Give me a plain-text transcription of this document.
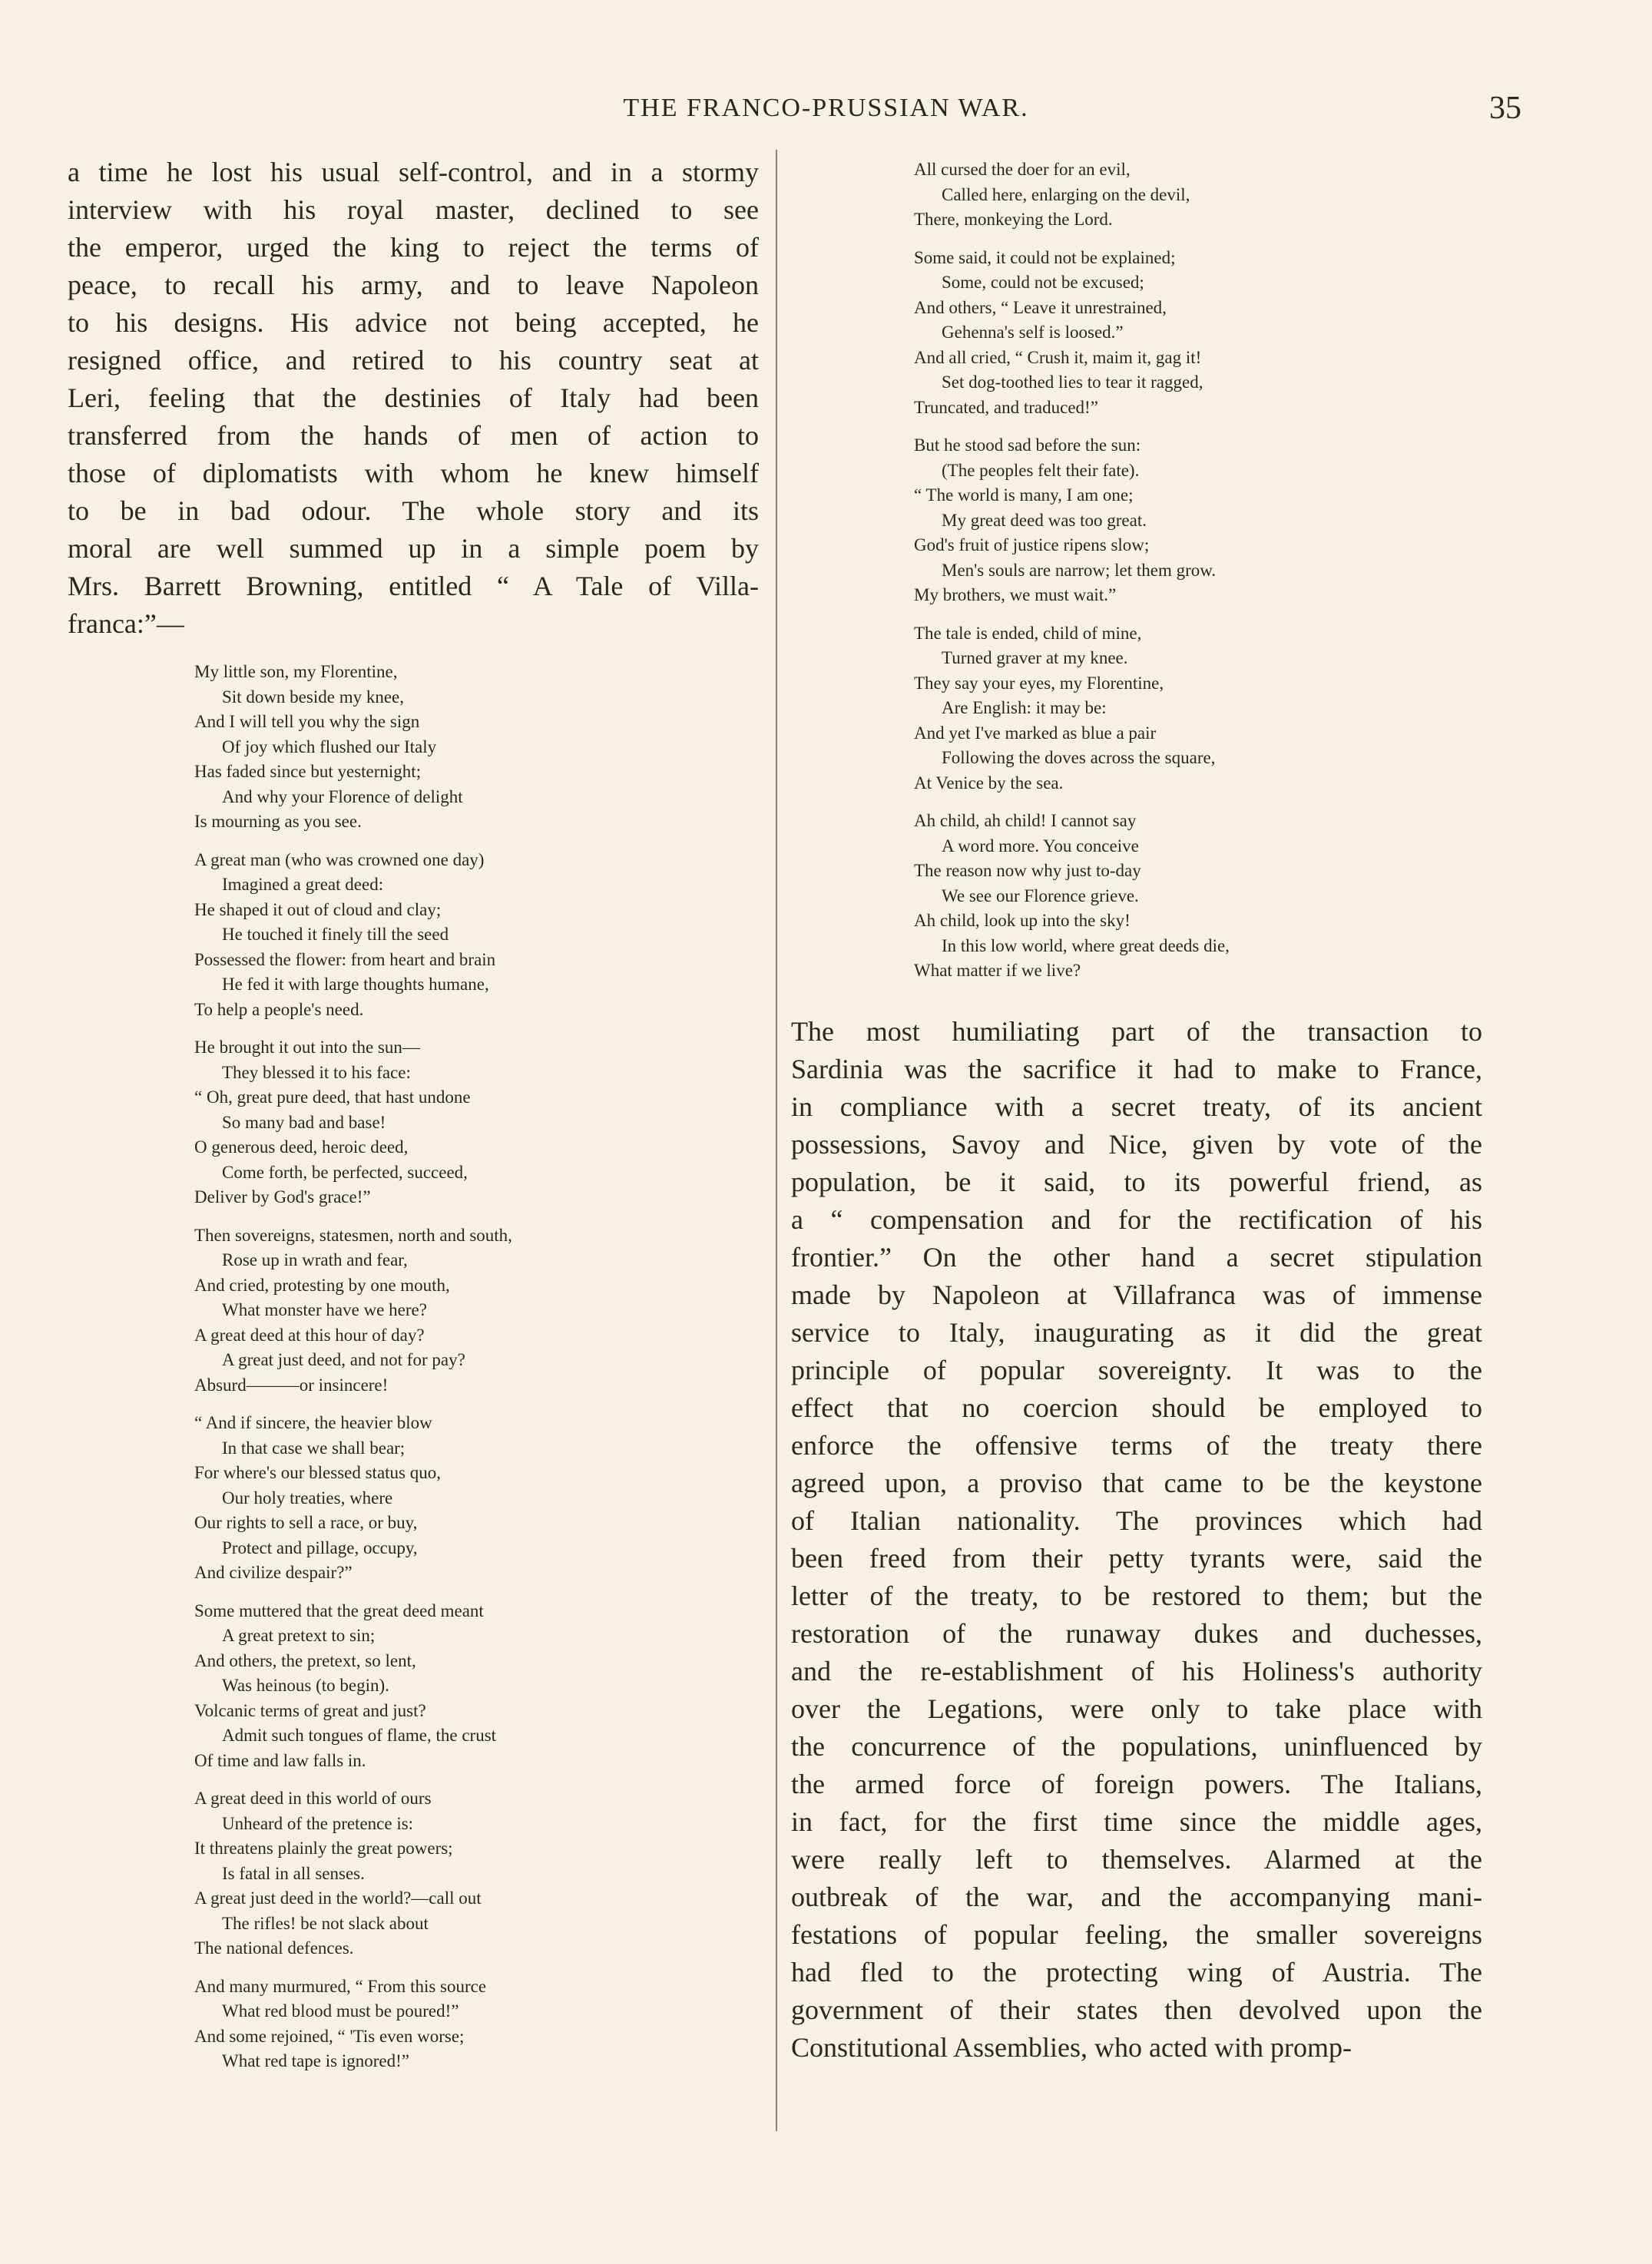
THE FRANCO-PRUSSIAN WAR.	35
a time he lost his usual self-control, and in a stormy
interview with his royal master, declined to see
the emperor, urged the king to reject the terms of
peace, to recall his army, and to leave Napoleon
to his designs. His advice not being accepted, he
resigned office, and retired to his country seat at
Leri, feeling that the destinies of Italy had been
transferred from the hands of men of action to
those of diplomatists with whom he knew himself
to be in bad odour. The whole story and its
moral are well summed up in a simple poem by
Mrs. Barrett Browning, entitled “ A Tale of Villa-
franca:”—
My little son, my Florentine,
Sit down beside my knee,
And I will tell you why the sign
Of joy which flushed our Italy
Has faded since but yesternight;
And why your Florence of delight
Is mourning as you see.
A great man (who was crowned one day)
Imagined a great deed:
He shaped it out of cloud and clay;
He touched it finely till the seed
Possessed the flower: from heart and brain
He fed it with large thoughts humane,
To help a people's need.
He brought it out into the sun—
They blessed it to his face:
“ Oh, great pure deed, that hast undone
So many bad and base!
O generous deed, heroic deed,
Come forth, be perfected, succeed,
Deliver by God's grace!”
Then sovereigns, statesmen, north and south,
Rose up in wrath and fear,
And cried, protesting by one mouth,
What monster have we here?
A great deed at this hour of day?
A great just deed, and not for pay?
Absurd———or insincere!
“ And if sincere, the heavier blow
In that case we shall bear;
For where's our blessed status quo,
Our holy treaties, where
Our rights to sell a race, or buy,
Protect and pillage, occupy,
And civilize despair?”
Some muttered that the great deed meant
A great pretext to sin;
And others, the pretext, so lent,
Was heinous (to begin).
Volcanic terms of great and just?
Admit such tongues of flame, the crust
Of time and law falls in.
A great deed in this world of ours
Unheard of the pretence is:
It threatens plainly the great powers;
Is fatal in all senses.
A great just deed in the world?—call out
The rifles! be not slack about
The national defences.
And many murmured, “ From this source
What red blood must be poured!”
And some rejoined, “ 'Tis even worse;
What red tape is ignored!”
All cursed the doer for an evil,
Called here, enlarging on the devil,
There, monkeying the Lord.
Some said, it could not be explained;
Some, could not be excused;
And others, “ Leave it unrestrained,
Gehenna's self is loosed.”
And all cried, “ Crush it, maim it, gag it!
Set dog-toothed lies to tear it ragged,
Truncated, and traduced!”
But he stood sad before the sun:
(The peoples felt their fate).
“ The world is many, I am one;
My great deed was too great.
God's fruit of justice ripens slow;
Men's souls are narrow; let them grow.
My brothers, we must wait.”
The tale is ended, child of mine,
Turned graver at my knee.
They say your eyes, my Florentine,
Are English: it may be:
And yet I've marked as blue a pair
Following the doves across the square,
At Venice by the sea.
Ah child, ah child! I cannot say
A word more. You conceive
The reason now why just to-day
We see our Florence grieve.
Ah child, look up into the sky!
In this low world, where great deeds die,
What matter if we live?
The most humiliating part of the transaction to
Sardinia was the sacrifice it had to make to France,
in compliance with a secret treaty, of its ancient
possessions, Savoy and Nice, given by vote of the
population, be it said, to its powerful friend, as
a “ compensation and for the rectification of his
frontier.” On the other hand a secret stipulation
made by Napoleon at Villafranca was of immense
service to Italy, inaugurating as it did the great
principle of popular sovereignty. It was to the
effect that no coercion should be employed to
enforce the offensive terms of the treaty there
agreed upon, a proviso that came to be the keystone
of Italian nationality. The provinces which had
been freed from their petty tyrants were, said the
letter of the treaty, to be restored to them; but the
restoration of the runaway dukes and duchesses,
and the re-establishment of his Holiness's authority
over the Legations, were only to take place with
the concurrence of the populations, uninfluenced by
the armed force of foreign powers. The Italians,
in fact, for the first time since the middle ages,
were really left to themselves. Alarmed at the
outbreak of the war, and the accompanying mani-
festations of popular feeling, the smaller sovereigns
had fled to the protecting wing of Austria. The
government of their states then devolved upon the
Constitutional Assemblies, who acted with promp-
